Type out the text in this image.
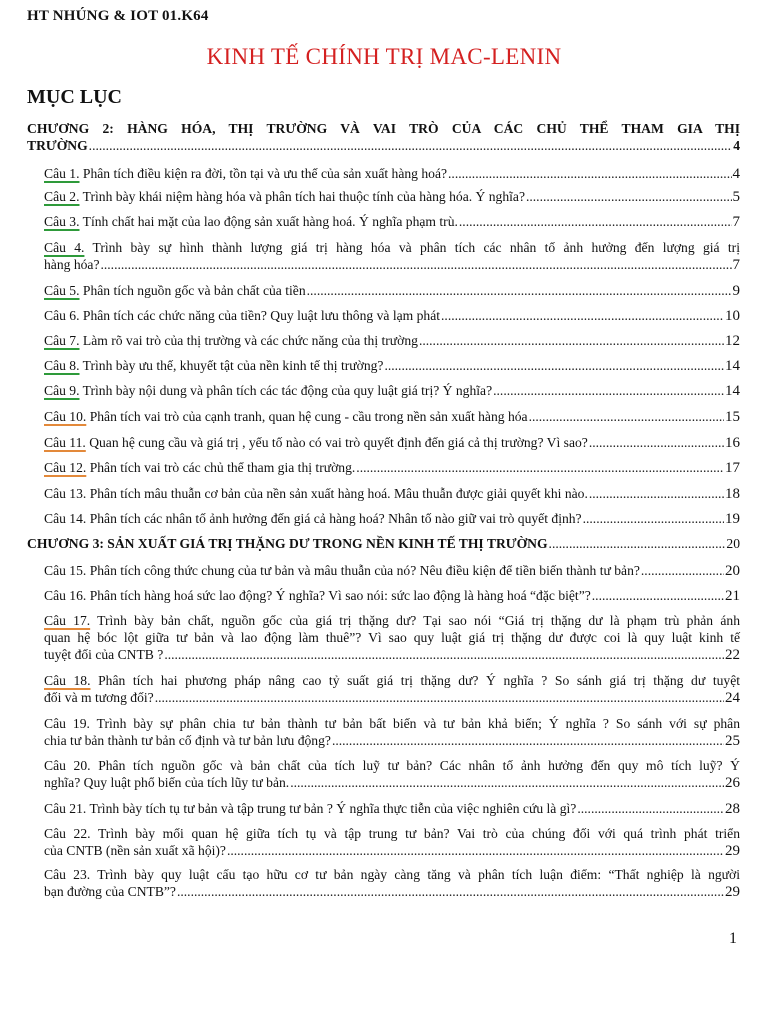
HT NHÚNG & IOT 01.K64
KINH TẾ CHÍNH TRỊ MAC-LENIN
MỤC LỤC
CHƯƠNG 2: HÀNG HÓA, THỊ TRƯỜNG VÀ VAI TRÒ CỦA CÁC CHỦ THỂ THAM GIA THỊ
TRƯỜNG .....	4
Câu 1. Phân tích điều kiện ra đời, tồn tại và ưu thế của sản xuất hàng hoá? .....	4
Câu 2. Trình bày khái niệm hàng hóa và phân tích hai thuộc tính của hàng hóa. Ý nghĩa? .....	5
Câu 3. Tính chất hai mặt của lao động sản xuất hàng hoá. Ý nghĩa phạm trù. .....	7
Câu 4. Trình bày sự hình thành lượng giá trị hàng hóa và phân tích các nhân tố ảnh hưởng đến lượng giá trị
hàng hóa? .....	7
Câu 5. Phân tích nguồn gốc và bản chất của tiền .....	9
Câu 6. Phân tích các chức năng của tiền? Quy luật lưu thông và lạm phát .....	10
Câu 7. Làm rõ vai trò của thị trường và các chức năng của thị trường .....	12
Câu 8. Trình bày ưu thế, khuyết tật của nền kinh tế thị trường? .....	14
Câu 9. Trình bày nội dung và phân tích các tác động của quy luật giá trị? Ý nghĩa? .....	14
Câu 10. Phân tích vai trò của cạnh tranh, quan hệ cung - cầu trong nền sản xuất hàng hóa .....	15
Câu 11. Quan hệ cung cầu và giá trị , yếu tố nào có vai trò quyết định đến giá cả thị trường? Vì sao? .....	16
Câu 12. Phân tích vai trò các chủ thể tham gia thị trường. .....	17
Câu 13. Phân tích mâu thuẫn cơ bản của nền sản xuất hàng hoá. Mâu thuẫn được giải quyết khi nào. .....	18
Câu 14. Phân tích các nhân tố ảnh hưởng đến giá cả hàng hoá? Nhân tố nào giữ vai trò quyết định? .....	19
CHƯƠNG 3: SẢN XUẤT GIÁ TRỊ THẶNG DƯ TRONG NỀN KINH TẾ THỊ TRƯỜNG .....	20
Câu 15. Phân tích công thức chung của tư bản và mâu thuẫn của nó? Nêu điều kiện để tiền biến thành tư bản? .....	20
Câu 16. Phân tích hàng hoá sức lao động? Ý nghĩa? Vì sao nói: sức lao động là hàng hoá “đặc biệt”? .....	21
Câu 17. Trình bày bản chất, nguồn gốc của giá trị thặng dư? Tại sao nói “Giá trị thặng dư là phạm trù phản ánh
quan hệ bóc lột giữa tư bản và lao động làm thuê”? Vì sao quy luật giá trị thặng dư được coi là quy luật kinh tế
tuyệt đối của CNTB ? .....	22
Câu 18. Phân tích hai phương pháp nâng cao tỷ suất giá trị thặng dư? Ý nghĩa ? So sánh giá trị thặng dư tuyệt
đối và m tương đối? .....	24
Câu 19. Trình bày sự phân chia tư bản thành tư bản bất biến và tư bản khả biến; Ý nghĩa ? So sánh với sự phân
chia tư bản thành tư bản cố định và tư bản lưu động? .....	25
Câu 20. Phân tích nguồn gốc và bản chất của tích luỹ tư bản? Các nhân tố ảnh hưởng đến quy mô tích luỹ? Ý
nghĩa? Quy luật phổ biến của tích lũy tư bản. .....	26
Câu 21. Trình bày tích tụ tư bản và tập trung tư bản ? Ý nghĩa thực tiễn của việc nghiên cứu là gì? .....	28
Câu 22. Trình bày mối quan hệ giữa tích tụ và tập trung tư bản? Vai trò của chúng đối với quá trình phát triển
của CNTB (nền sản xuất xã hội)? .....	29
Câu 23. Trình bày quy luật cấu tạo hữu cơ tư bản ngày càng tăng và phân tích luận điểm: “Thất nghiệp là người
bạn đường của CNTB”? .....	29
1
